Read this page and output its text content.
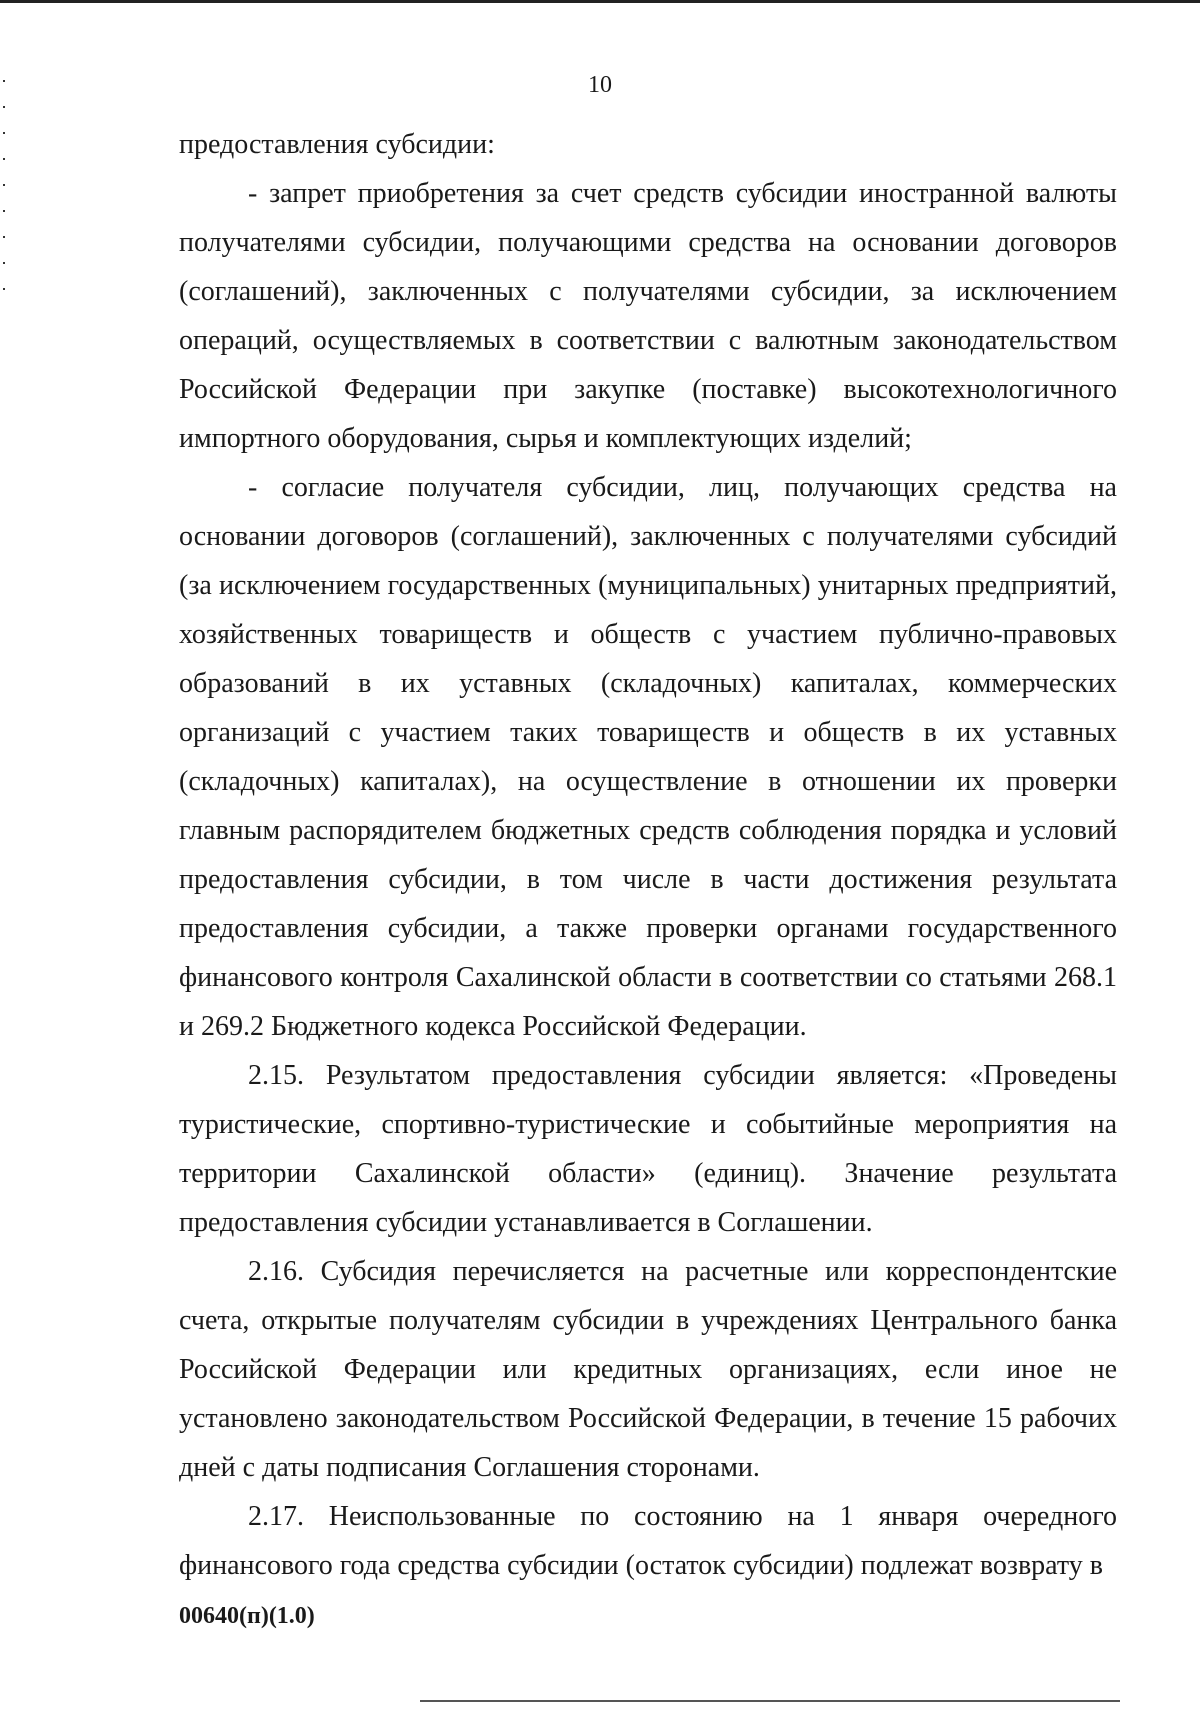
10

предоставления субсидии:

- запрет приобретения за счет средств субсидии иностранной валюты получателями субсидии, получающими средства на основании договоров (соглашений), заключенных с получателями субсидии, за исключением операций, осуществляемых в соответствии с валютным законодательством Российской Федерации при закупке (поставке) высокотехнологичного импортного оборудования, сырья и комплектующих изделий;

- согласие получателя субсидии, лиц, получающих средства на основании договоров (соглашений), заключенных с получателями субсидий (за исключением государственных (муниципальных) унитарных предприятий, хозяйственных товариществ и обществ с участием публично-правовых образований в их уставных (складочных) капиталах, коммерческих организаций с участием таких товариществ и обществ в их уставных (складочных) капиталах), на осуществление в отношении их проверки главным распорядителем бюджетных средств соблюдения порядка и условий предоставления субсидии, в том числе в части достижения результата предоставления субсидии, а также проверки органами государственного финансового контроля Сахалинской области в соответствии со статьями 268.1 и 269.2 Бюджетного кодекса Российской Федерации.

2.15. Результатом предоставления субсидии является: «Проведены туристические, спортивно-туристические и событийные мероприятия на территории Сахалинской области» (единиц). Значение результата предоставления субсидии устанавливается в Соглашении.

2.16. Субсидия перечисляется на расчетные или корреспондентские счета, открытые получателям субсидии в учреждениях Центрального банка Российской Федерации или кредитных организациях, если иное не установлено законодательством Российской Федерации, в течение 15 рабочих дней с даты подписания Соглашения сторонами.

2.17. Неиспользованные по состоянию на 1 января очередного финансового года средства субсидии (остаток субсидии) подлежат возврату в

00640(п)(1.0)
